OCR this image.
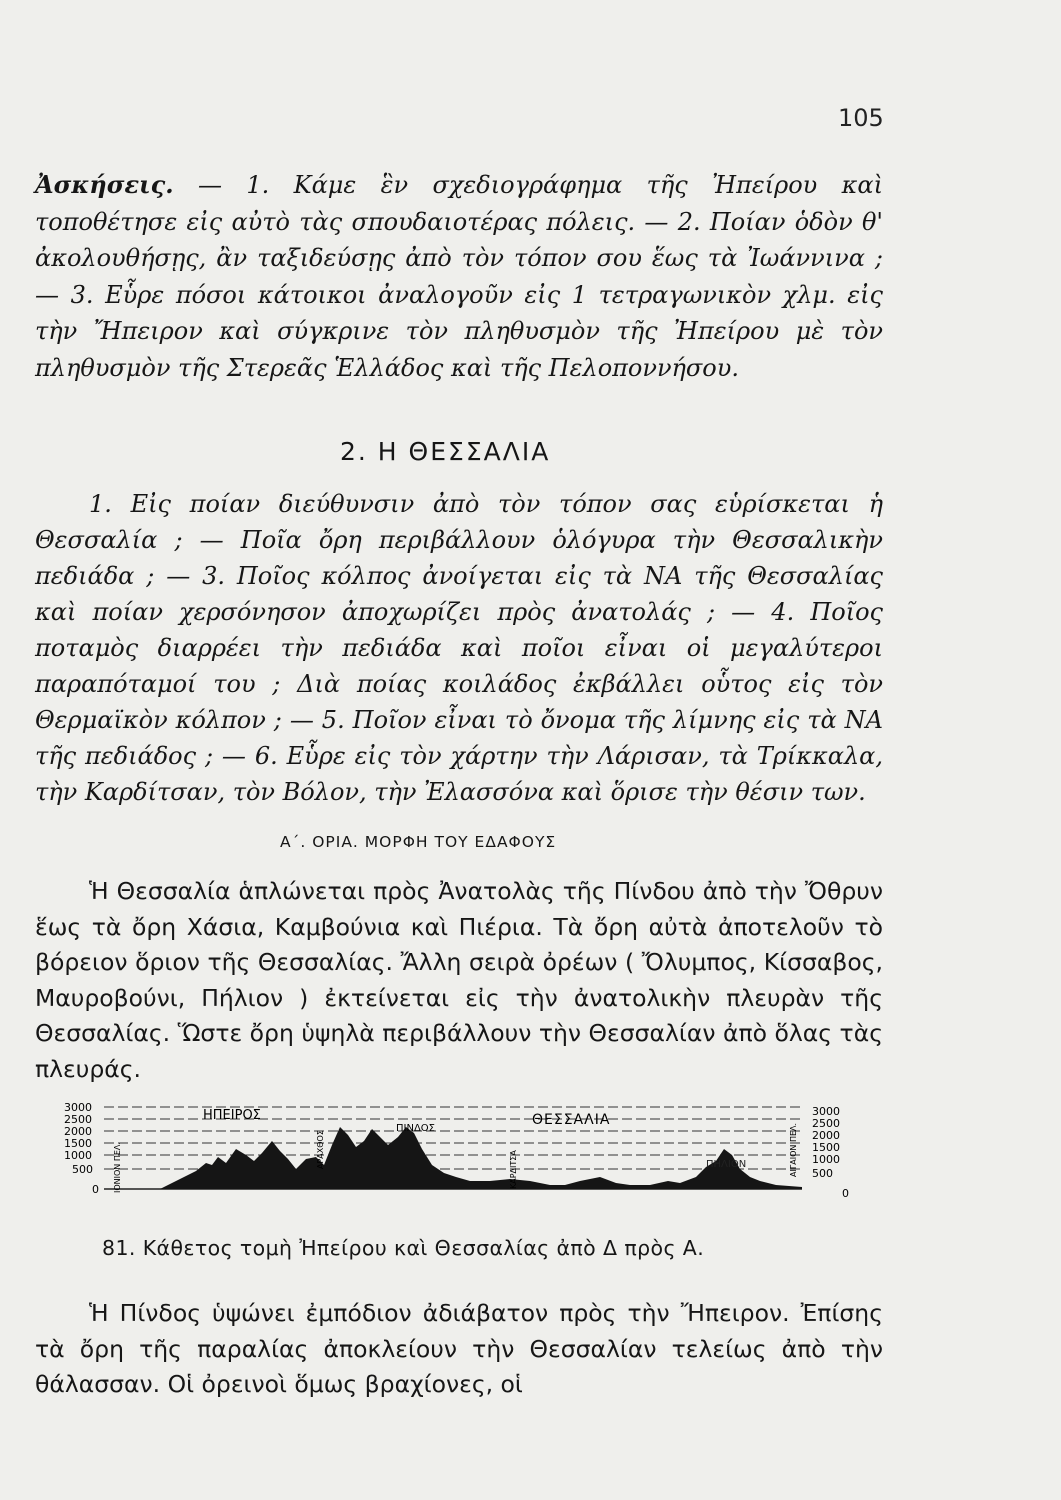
105

Ἀσκήσεις. — 1. Κάμε ἓν σχεδιογράφημα τῆς Ἠπείρου καὶ τοποθέτησε εἰς αὐτὸ τὰς σπουδαιοτέρας πόλεις. — 2. Ποίαν ὁδὸν θ' ἀκολουθήσῃς, ἂν ταξιδεύσῃς ἀπὸ τὸν τόπον σου ἕως τὰ Ἰωάννινα ; — 3. Εὗρε πόσοι κάτοικοι ἀναλογοῦν εἰς 1 τετραγωνικὸν χλμ. εἰς τὴν Ἤπειρον καὶ σύγκρινε τὸν πληθυσμὸν τῆς Ἠπείρου μὲ τὸν πληθυσμὸν τῆς Στερεᾶς Ἑλλάδος καὶ τῆς Πελοποννήσου.

2. Η ΘΕΣΣΑΛΙΑ

1. Εἰς ποίαν διεύθυνσιν ἀπὸ τὸν τόπον σας εὑρίσκεται ἡ Θεσσαλία ; — Ποῖα ὄρη περιβάλλουν ὁλόγυρα τὴν Θεσσαλικὴν πεδιάδα ; — 3. Ποῖος κόλπος ἀνοίγεται εἰς τὰ ΝΑ τῆς Θεσσαλίας καὶ ποίαν χερσόνησον ἀποχωρίζει πρὸς ἀνατολάς ; — 4. Ποῖος ποταμὸς διαρρέει τὴν πεδιάδα καὶ ποῖοι εἶναι οἱ μεγαλύτεροι παραπόταμοί του ; Διὰ ποίας κοιλάδος ἐκβάλλει οὗτος εἰς τὸν Θερμαϊκὸν κόλπον ; — 5. Ποῖον εἶναι τὸ ὄνομα τῆς λίμνης εἰς τὰ ΝΑ τῆς πεδιάδος ; — 6. Εὗρε εἰς τὸν χάρτην τὴν Λάρισαν, τὰ Τρίκκαλα, τὴν Καρδίτσαν, τὸν Βόλον, τὴν Ἐλασσόνα καὶ ὅρισε τὴν θέσιν των.

Α΄. ΟΡΙΑ. ΜΟΡΦΗ ΤΟΥ ΕΔΑΦΟΥΣ

Ἡ Θεσσαλία ἁπλώνεται πρὸς Ἀνατολὰς τῆς Πίνδου ἀπὸ τὴν Ὄθρυν ἕως τὰ ὄρη Χάσια, Καμβούνια καὶ Πιέρια. Τὰ ὄρη αὐτὰ ἀποτελοῦν τὸ βόρειον ὅριον τῆς Θεσσαλίας. Ἄλλη σειρὰ ὀρέων ( Ὄλυμπος, Κίσσαβος, Μαυροβούνι, Πήλιον ) ἐκτείνεται εἰς τὴν ἀνατολικὴν πλευρὰν τῆς Θεσσαλίας. Ὥστε ὄρη ὑψηλὰ περιβάλλουν τὴν Θεσσαλίαν ἀπὸ ὅλας τὰς πλευράς.

3000
2500
2000
1500
1000
500
0
3000
2500
2000
1500
1000
500
0
ΗΠΕΙΡΟΣ	ΘΕΣΣΑΛΙΑ
ΠΙΝΔΟΣ
ΠΗΛΙΟΝ
ΙΟΝΙΟΝ ΠΕΛ.	ΑΙΓΑΙΟΝ ΠΕΛ.
ΑΡΑΧΘΟΣ
ΚΑΡΔΙΤΣΑ
81. Κάθετος τομὴ Ἠπείρου καὶ Θεσσαλίας ἀπὸ Δ πρὸς Α.

Ἡ Πίνδος ὑψώνει ἐμπόδιον ἀδιάβατον πρὸς τὴν Ἤπειρον. Ἐπίσης τὰ ὄρη τῆς παραλίας ἀποκλείουν τὴν Θεσσαλίαν τελείως ἀπὸ τὴν θάλασσαν. Οἱ ὀρεινοὶ ὅμως βραχίονες, οἱ
